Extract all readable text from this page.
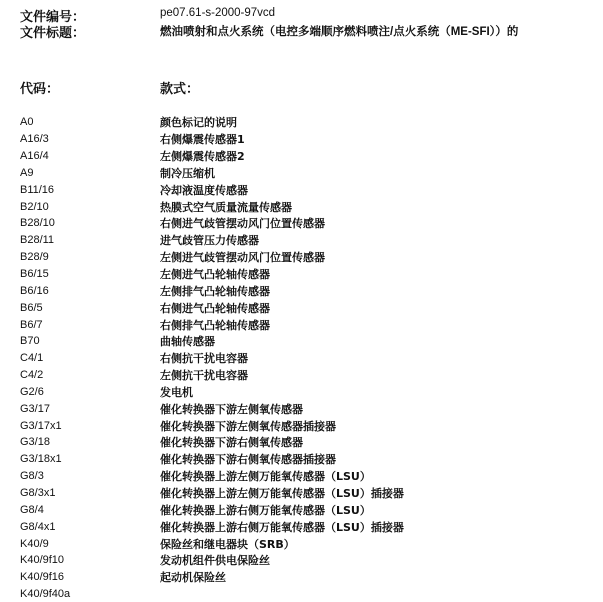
文件编号：	pe07.61-s-2000-97vcd
文件标题：	燃油喷射和点火系统（电控多端顺序燃料喷注/点火系统（ME-SFI））的
代码：	款式：
A0	颜色标记的说明
A16/3	右侧爆震传感器1
A16/4	左侧爆震传感器2
A9	制冷压缩机
B11/16	冷却液温度传感器
B2/10	热膜式空气质量流量传感器
B28/10	右侧进气歧管摆动风门位置传感器
B28/11	进气歧管压力传感器
B28/9	左侧进气歧管摆动风门位置传感器
B6/15	左侧进气凸轮轴传感器
B6/16	左侧排气凸轮轴传感器
B6/5	右侧进气凸轮轴传感器
B6/7	右侧排气凸轮轴传感器
B70	曲轴传感器
C4/1	右侧抗干扰电容器
C4/2	左侧抗干扰电容器
G2/6	发电机
G3/17	催化转换器下游左侧氧传感器
G3/17x1	催化转换器下游左侧氧传感器插接器
G3/18	催化转换器下游右侧氧传感器
G3/18x1	催化转换器下游右侧氧传感器插接器
G8/3	催化转换器上游左侧万能氧传感器（LSU）
G8/3x1	催化转换器上游左侧万能氧传感器（LSU）插接器
G8/4	催化转换器上游右侧万能氧传感器（LSU）
G8/4x1	催化转换器上游右侧万能氧传感器（LSU）插接器
K40/9	保险丝和继电器块（SRB）
K40/9f10	发动机组件供电保险丝
K40/9f16	起动机保险丝
K40/9f40a
